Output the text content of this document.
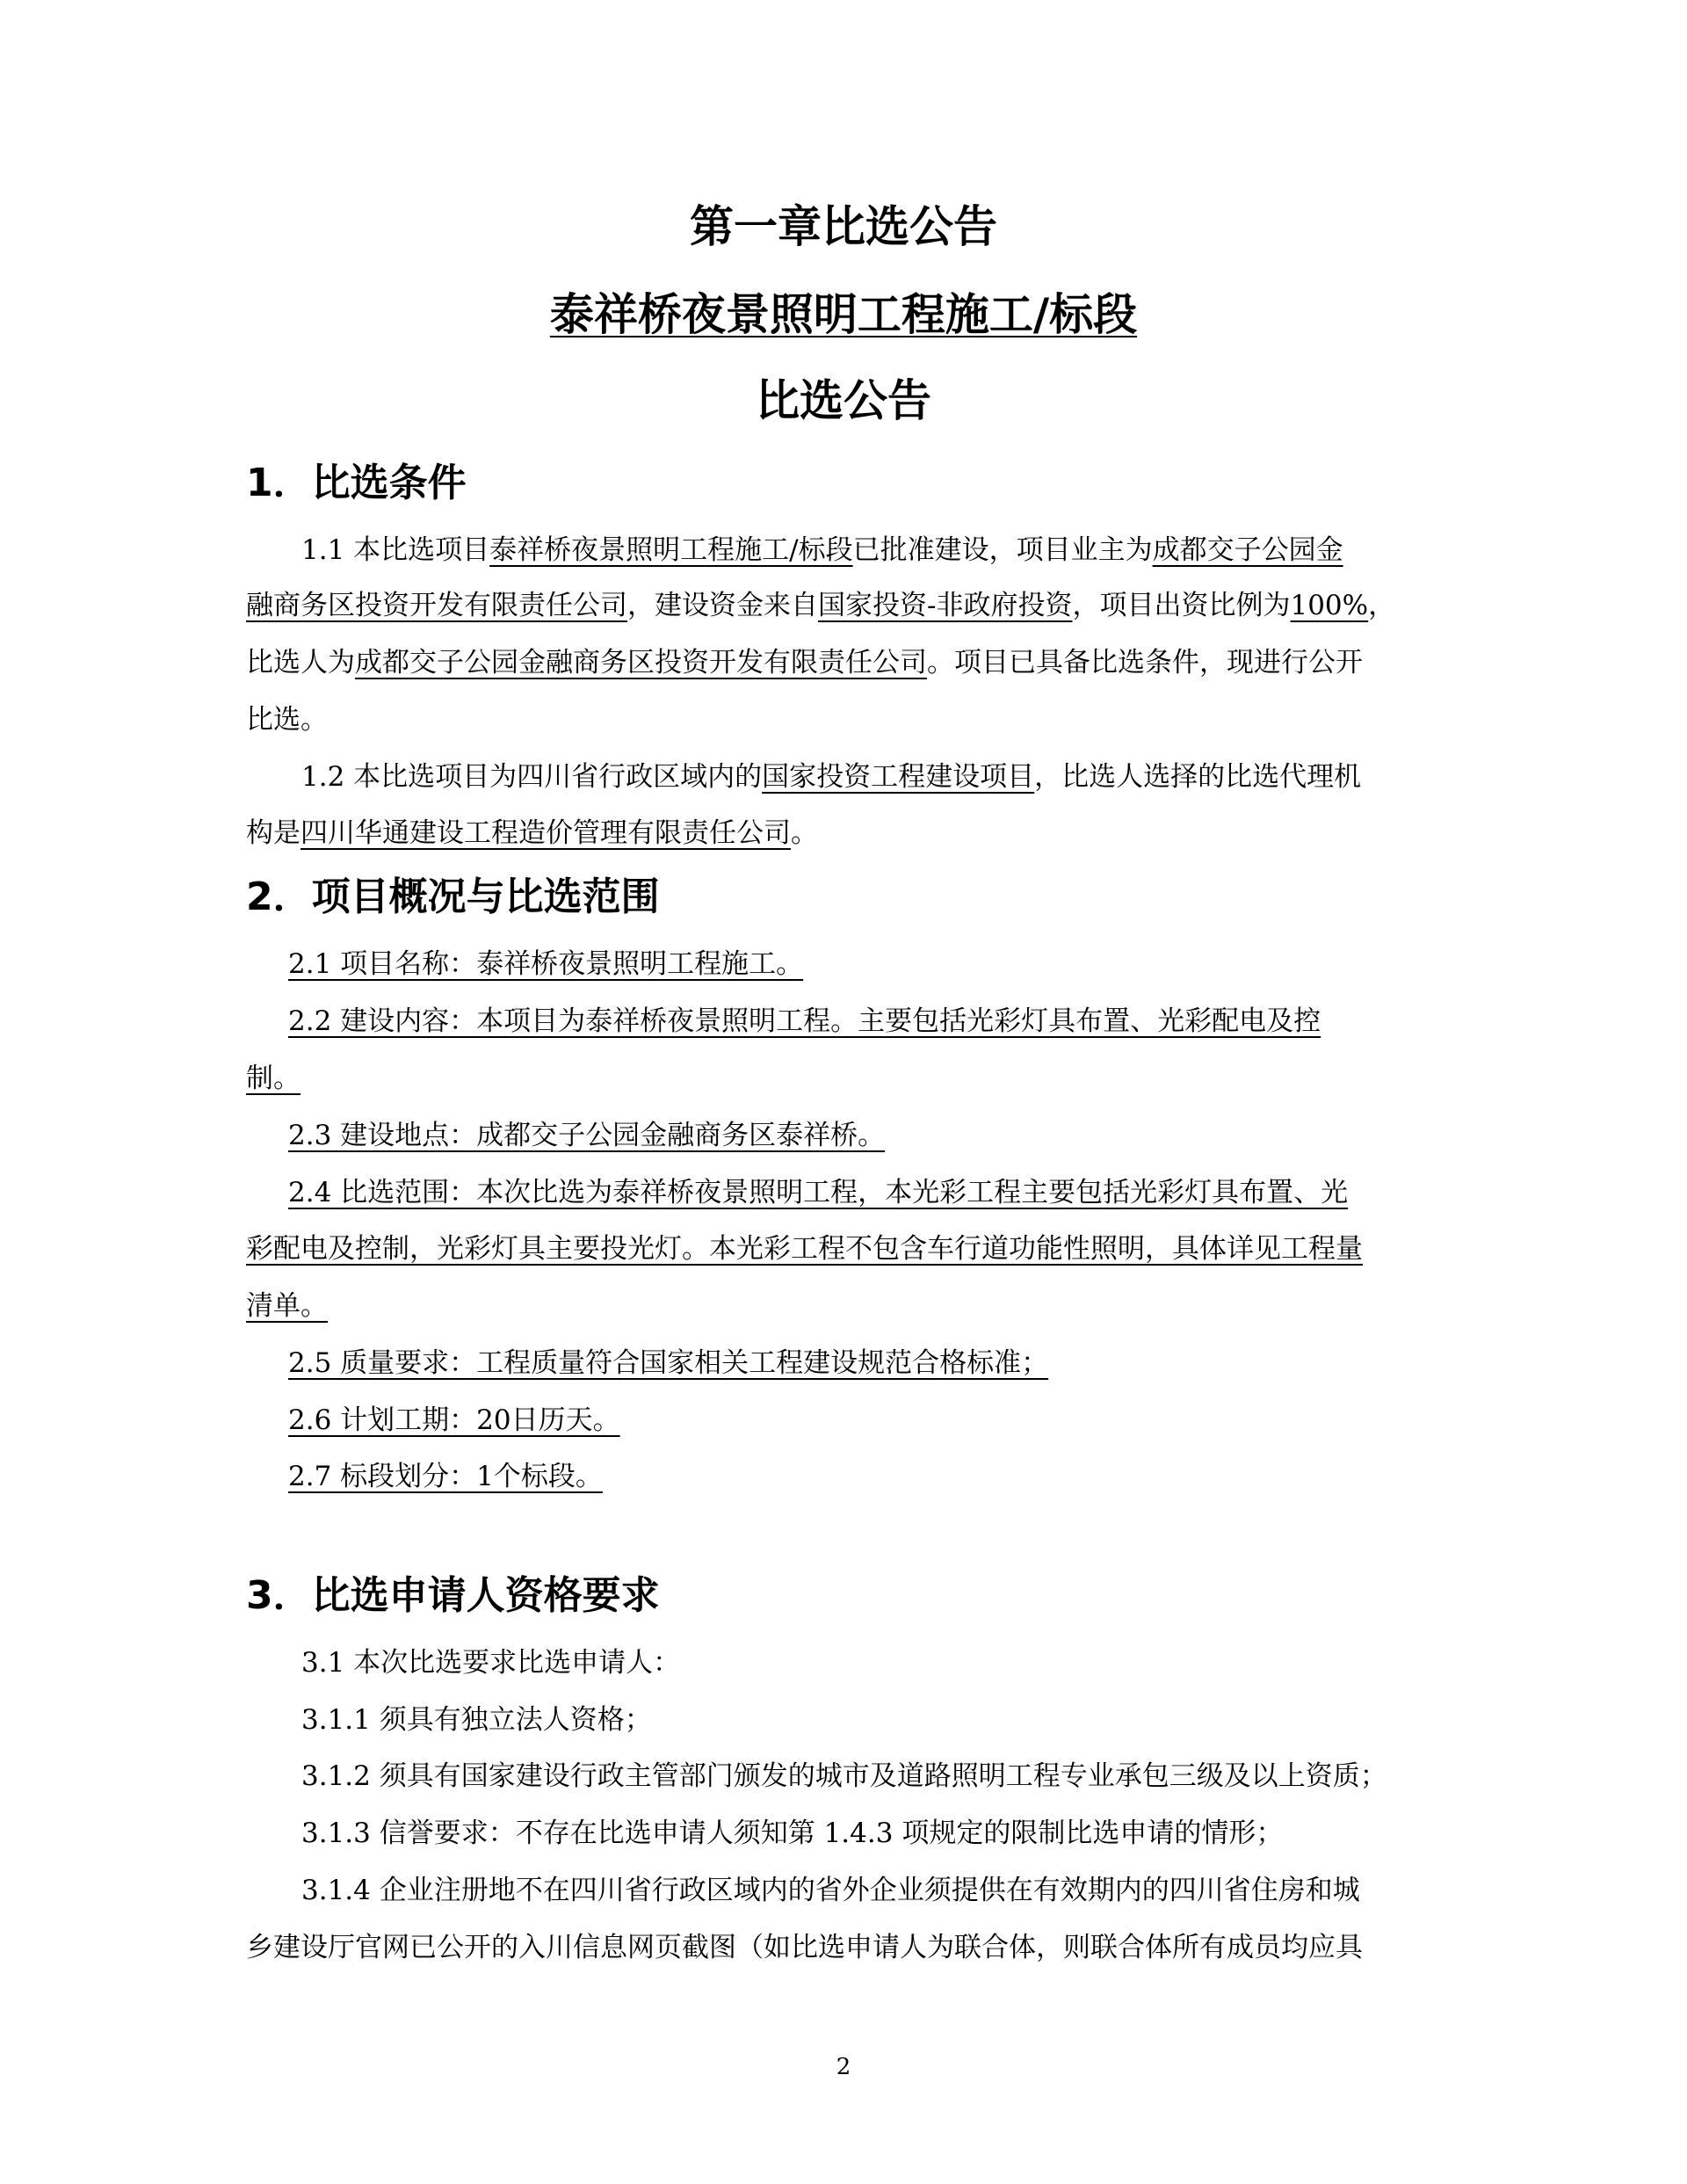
第一章比选公告
泰祥桥夜景照明工程施工/标段
比选公告
1．比选条件
1.1 本比选项目泰祥桥夜景照明工程施工/标段已批准建设，项目业主为成都交子公园金
融商务区投资开发有限责任公司，建设资金来自国家投资-非政府投资，项目出资比例为100%，
比选人为成都交子公园金融商务区投资开发有限责任公司。项目已具备比选条件，现进行公开
比选。
1.2 本比选项目为四川省行政区域内的国家投资工程建设项目，比选人选择的比选代理机
构是四川华通建设工程造价管理有限责任公司。
2．项目概况与比选范围
2.1 项目名称：泰祥桥夜景照明工程施工。
2.2 建设内容：本项目为泰祥桥夜景照明工程。主要包括光彩灯具布置、光彩配电及控
制。
2.3 建设地点：成都交子公园金融商务区泰祥桥。
2.4 比选范围：本次比选为泰祥桥夜景照明工程，本光彩工程主要包括光彩灯具布置、光
彩配电及控制，光彩灯具主要投光灯。本光彩工程不包含车行道功能性照明，具体详见工程量
清单。
2.5 质量要求：工程质量符合国家相关工程建设规范合格标准；
2.6 计划工期：20日历天。
2.7 标段划分：1个标段。
3．比选申请人资格要求
3.1 本次比选要求比选申请人：
3.1.1 须具有独立法人资格；
3.1.2 须具有国家建设行政主管部门颁发的城市及道路照明工程专业承包三级及以上资质；
3.1.3 信誉要求：不存在比选申请人须知第 1.4.3 项规定的限制比选申请的情形；
3.1.4 企业注册地不在四川省行政区域内的省外企业须提供在有效期内的四川省住房和城
乡建设厅官网已公开的入川信息网页截图（如比选申请人为联合体，则联合体所有成员均应具
2
